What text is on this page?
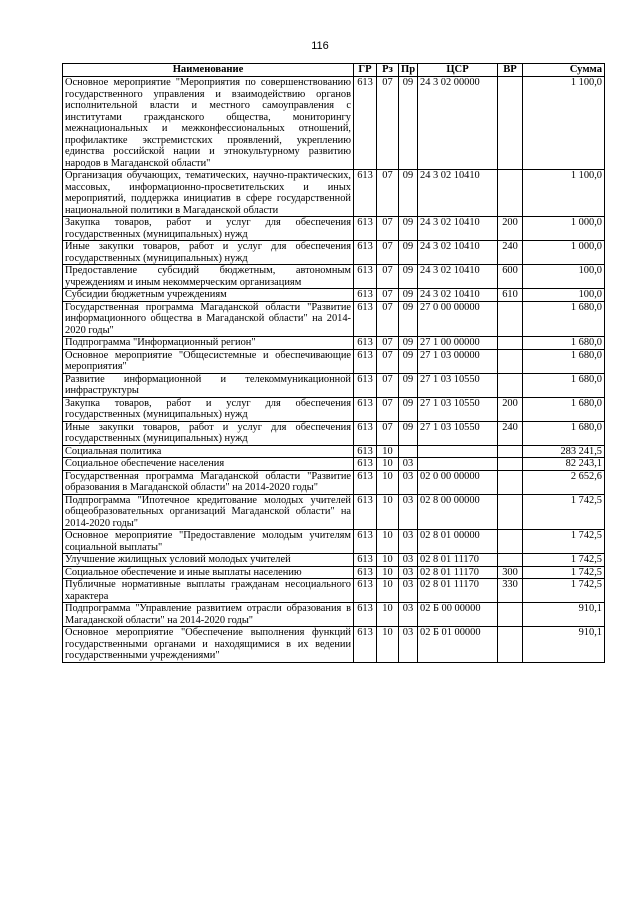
116
Наименование	ГР	Рз	Пр	ЦСР	ВР	Сумма
Основное мероприятие "Мероприятия по совершенствованию государственного управления и взаимодействию органов исполнительной власти и местного самоуправления с институтами гражданского общества, мониторингу межнациональных и межконфессиональных отношений, профилактике экстремистских проявлений, укреплению единства российской нации и этнокультурному развитию народов в Магаданской области"	613	07	09	24 3 02 00000		1 100,0
Организация обучающих, тематических, научно-практических, массовых, информационно-просветительских и иных мероприятий, поддержка инициатив в сфере государственной национальной политики в Магаданской области	613	07	09	24 3 02 10410		1 100,0
Закупка товаров, работ и услуг для обеспечения государственных (муниципальных) нужд	613	07	09	24 3 02 10410	200	1 000,0
Иные закупки товаров, работ и услуг для обеспечения государственных (муниципальных) нужд	613	07	09	24 3 02 10410	240	1 000,0
Предоставление субсидий бюджетным, автономным учреждениям и иным некоммерческим организациям	613	07	09	24 3 02 10410	600	100,0
Субсидии бюджетным учреждениям	613	07	09	24 3 02 10410	610	100,0
Государственная программа Магаданской области "Развитие информационного общества в Магаданской области" на 2014-2020 годы"	613	07	09	27 0 00 00000		1 680,0
Подпрограмма "Информационный регион"	613	07	09	27 1 00 00000		1 680,0
Основное мероприятие "Общесистемные и обеспечивающие мероприятия"	613	07	09	27 1 03 00000		1 680,0
Развитие информационной и телекоммуникационной инфраструктуры	613	07	09	27 1 03 10550		1 680,0
Закупка товаров, работ и услуг для обеспечения государственных (муниципальных) нужд	613	07	09	27 1 03 10550	200	1 680,0
Иные закупки товаров, работ и услуг для обеспечения государственных (муниципальных) нужд	613	07	09	27 1 03 10550	240	1 680,0
Социальная политика	613	10				283 241,5
Социальное обеспечение населения	613	10	03			82 243,1
Государственная программа Магаданской области "Развитие образования в Магаданской области" на 2014-2020 годы"	613	10	03	02 0 00 00000		2 652,6
Подпрограмма "Ипотечное кредитование молодых учителей общеобразовательных организаций Магаданской области" на 2014-2020 годы"	613	10	03	02 8 00 00000		1 742,5
Основное мероприятие "Предоставление молодым учителям социальной выплаты"	613	10	03	02 8 01 00000		1 742,5
Улучшение жилищных условий молодых учителей	613	10	03	02 8 01 11170		1 742,5
Социальное обеспечение и иные выплаты населению	613	10	03	02 8 01 11170	300	1 742,5
Публичные нормативные выплаты гражданам несоциального характера	613	10	03	02 8 01 11170	330	1 742,5
Подпрограмма "Управление развитием отрасли образования в Магаданской области" на 2014-2020 годы"	613	10	03	02 Б 00 00000		910,1
Основное мероприятие "Обеспечение выполнения функций государственными органами и находящимися в их ведении государственными учреждениями"	613	10	03	02 Б 01 00000		910,1
